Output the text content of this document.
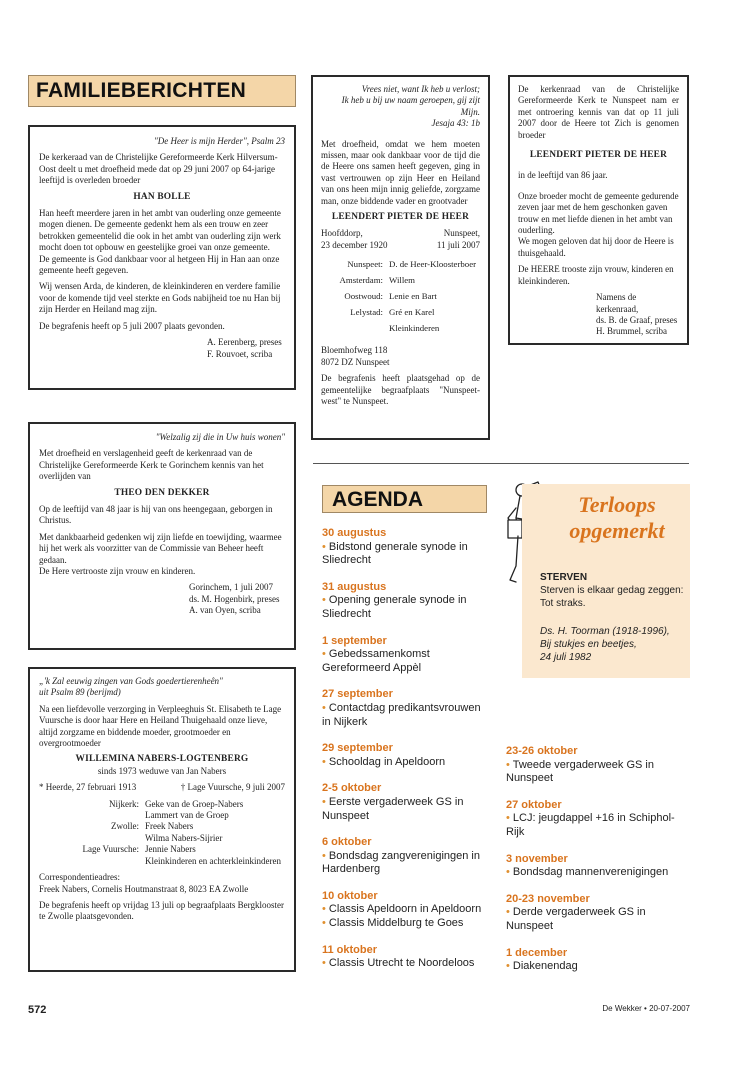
FAMILIEBERICHTEN

"De Heer is mijn Herder", Psalm 23

De kerkeraad van de Christelijke Gereformeerde Kerk Hilversum-Oost deelt u met droefheid mede dat op 29 juni 2007 op 64-jarige leeftijd is overleden broeder

HAN BOLLE

Han heeft meerdere jaren in het ambt van ouderling onze gemeente mogen dienen. De gemeente gedenkt hem als een trouw en zeer betrokken gemeentelid die ook in het ambt van ouderling zijn werk mocht doen tot opbouw en geestelijke groei van onze gemeente.

De gemeente is God dankbaar voor al hetgeen Hij in Han aan onze gemeente heeft gegeven.

Wij wensen Arda, de kinderen, de kleinkinderen en verdere familie voor de komende tijd veel sterkte en Gods nabijheid toe nu Han bij zijn Herder en Heiland mag zijn.

De begrafenis heeft op 5 juli 2007 plaats gevonden.

A. Eerenberg, preses

F. Rouvoet, scriba

"Welzalig zij die in Uw huis wonen"

Met droefheid en verslagenheid geeft de kerkenraad van de Christelijke Gereformeerde Kerk te Gorinchem kennis van het overlijden van

THEO DEN DEKKER

Op de leeftijd van 48 jaar is hij van ons heengegaan, geborgen in Christus.

Met dankbaarheid gedenken wij zijn liefde en toewijding, waarmee hij het werk als voorzitter van de Commissie van Beheer heeft gedaan.

De Here vertrooste zijn vrouw en kinderen.

Gorinchem, 1 juli 2007

ds. M. Hogenbirk, preses

A. van Oyen, scriba

„'k Zal eeuwig zingen van Gods goedertierenheên"

uit Psalm 89 (berijmd)

Na een liefdevolle verzorging in Verpleeghuis St. Elisabeth te Lage Vuursche is door haar Here en Heiland Thuigehaald onze lieve, altijd zorgzame en biddende moeder, grootmoeder en overgrootmoeder

WILLEMINA NABERS-LOGTENBERG

sinds 1973 weduwe van Jan Nabers

* Heerde, 27 februari 1913	† Lage Vuursche, 9 juli 2007
Nijkerk: Geke van de Groep-Nabers
Lammert van de Groep
Zwolle: Freek Nabers
Wilma Nabers-Sijrier
Lage Vuursche: Jennie Nabers
Kleinkinderen en achterkleinkinderen

Correspondentieadres:

Freek Nabers, Cornelis Houtmanstraat 8, 8023 EA Zwolle

De begrafenis heeft op vrijdag 13 juli op begraafplaats Bergklooster te Zwolle plaatsgevonden.

Vrees niet, want Ik heb u verlost;

Ik heb u bij uw naam geroepen, gij zijt Mijn.

Jesaja 43: 1b

Met droefheid, omdat we hem moeten missen, maar ook dankbaar voor de tijd die de Heere ons samen heeft gegeven, ging in vast vertrouwen op zijn Heer en Heiland van ons heen mijn innig geliefde, zorgzame man, onze biddende vader en grootvader

LEENDERT PIETER DE HEER

Hoofddorp,	Nunspeet,
23 december 1920	11 juli 2007
Nunspeet: D. de Heer-Kloosterboer
Amsterdam: Willem
Oostwoud: Lenie en Bart
Lelystad: Gré en Karel
Kleinkinderen

Bloemhofweg 118

8072 DZ Nunspeet

De begrafenis heeft plaatsgehad op de gemeentelijke begraafplaats "Nunspeet-west" te Nunspeet.

De kerkenraad van de Christelijke Gereformeerde Kerk te Nunspeet nam er met ontroering kennis van dat op 11 juli 2007 door de Heere tot Zich is genomen broeder

LEENDERT PIETER DE HEER

in de leeftijd van 86 jaar.

Onze broeder mocht de gemeente gedurende zeven jaar met de hem geschonken gaven trouw en met liefde dienen in het ambt van ouderling.

We mogen geloven dat hij door de Heere is thuisgehaald.

De HEERE trooste zijn vrouw, kinderen en kleinkinderen.

Namens de kerkenraad,

ds. B. de Graaf, preses

H. Brummel, scriba

AGENDA	Terloops
opgemerkt

STERVEN

Sterven is elkaar gedag zeggen: Tot straks.

Ds. H. Toorman (1918-1996),

Bij stukjes en beetjes,

24 juli 1982

30 augustus
• Bidstond generale synode in Sliedrecht
31 augustus
• Opening generale synode in Sliedrecht
1 september
• Gebedssamenkomst Gereformeerd Appèl
27 september
• Contactdag predikantsvrouwen in Nijkerk
29 september
• Schooldag in Apeldoorn
2-5 oktober
• Eerste vergaderweek GS in Nunspeet
6 oktober
• Bondsdag zangverenigingen in Hardenberg
10 oktober
• Classis Apeldoorn in Apeldoorn
• Classis Middelburg te Goes
11 oktober
• Classis Utrecht te Noordeloos
23-26 oktober
• Tweede vergaderweek GS in Nunspeet
27 oktober
• LCJ: jeugdappel +16 in Schiphol-Rijk
3 november
• Bondsdag mannenverenigingen
20-23 november
• Derde vergaderweek GS in Nunspeet
1 december
• Diakenendag
572	De Wekker • 20-07-2007
